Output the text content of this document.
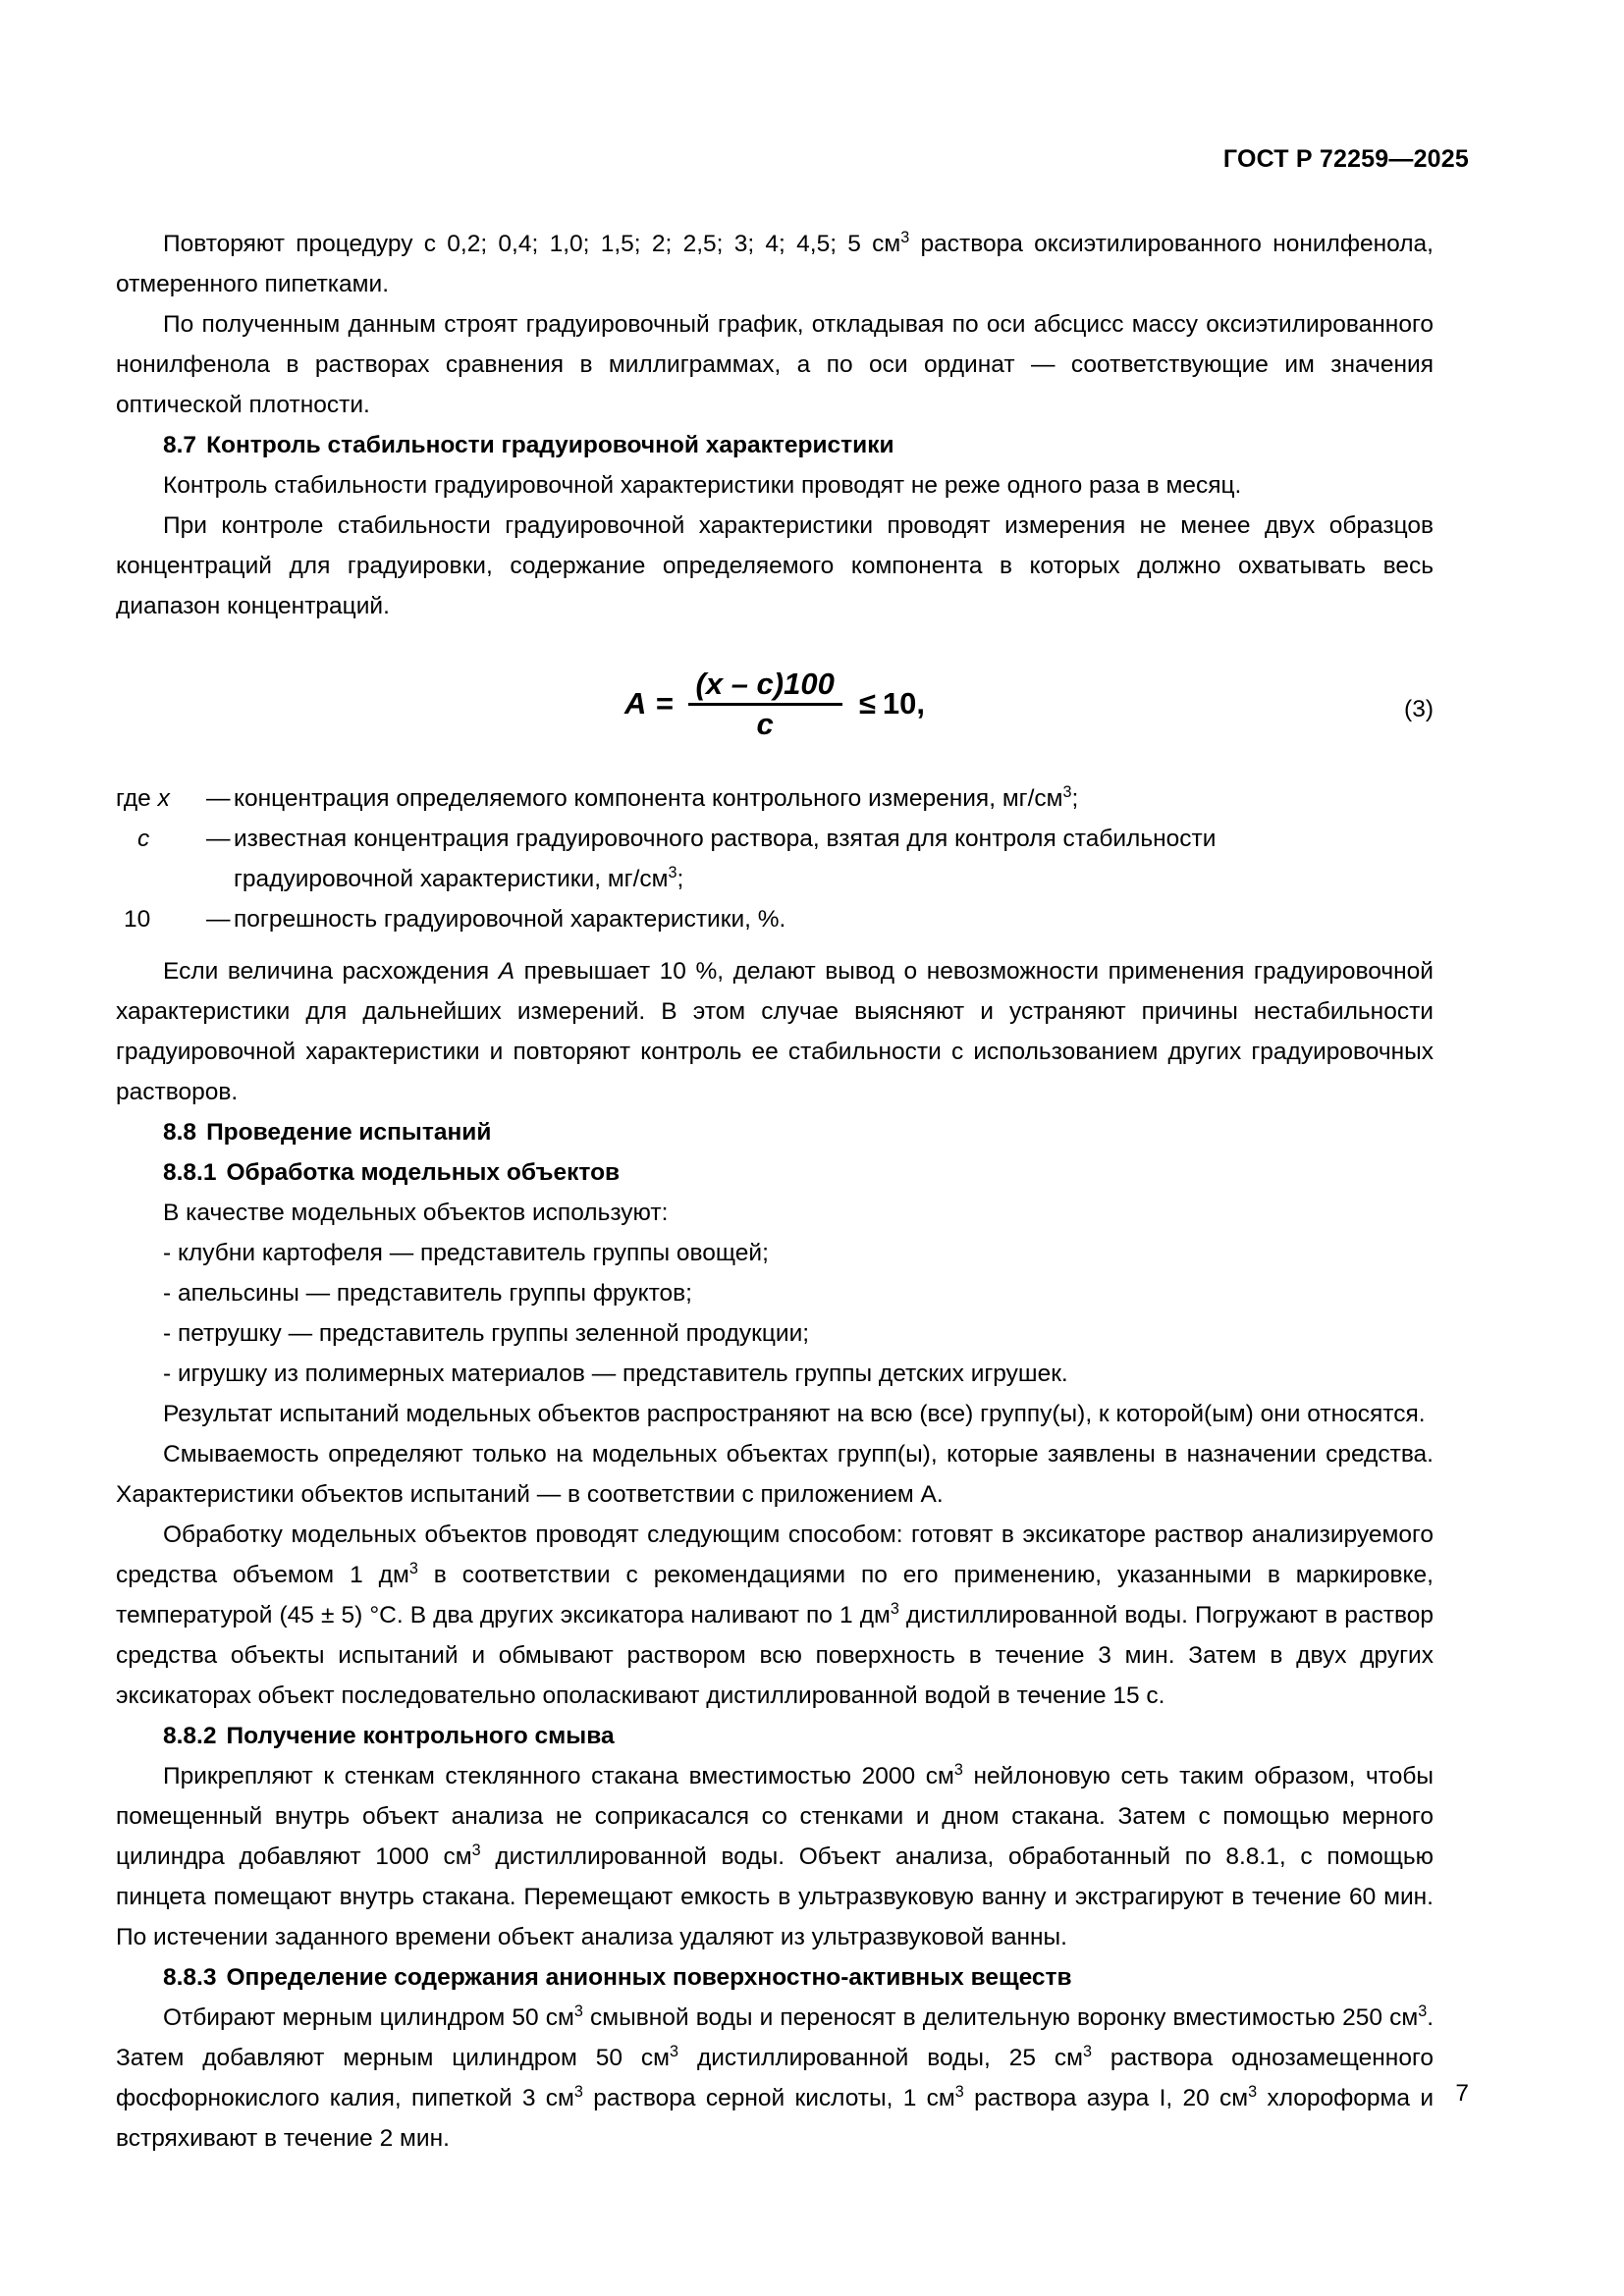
ГОСТ Р 72259—2025

Повторяют процедуру с 0,2; 0,4; 1,0; 1,5; 2; 2,5; 3; 4; 4,5; 5 $см^3$ раствора оксиэтилированного нонилфенола, отмеренного пипетками.

По полученным данным строят градуировочный график, откладывая по оси абсцисс массу оксиэтилированного нонилфенола в растворах сравнения в миллиграммах, а по оси ординат — соответствующие им значения оптической плотности.

8.7 Контроль стабильности градуировочной характеристики

Контроль стабильности градуировочной характеристики проводят не реже одного раза в месяц.

При контроле стабильности градуировочной характеристики проводят измерения не менее двух образцов концентраций для градуировки, содержание определяемого компонента в которых должно охватывать весь диапазон концентраций.

$A = \frac{(x - c)100}{c} \le 10$,	(3)
где x	— концентрация определяемого компонента контрольного измерения, $мг/см^3$;
c	— известная концентрация градуировочного раствора, взятая для контроля стабильности
градуировочной характеристики, $мг/см^3$;
10	— погрешность градуировочной характеристики, %.

Если величина расхождения A превышает 10 %, делают вывод о невозможности применения градуировочной характеристики для дальнейших измерений. В этом случае выясняют и устраняют причины нестабильности градуировочной характеристики и повторяют контроль ее стабильности с использованием других градуировочных растворов.

8.8 Проведение испытаний
8.8.1 Обработка модельных объектов

В качестве модельных объектов используют:

- клубни картофеля — представитель группы овощей;
- апельсины — представитель группы фруктов;
- петрушку — представитель группы зеленной продукции;
- игрушку из полимерных материалов — представитель группы детских игрушек.

Результат испытаний модельных объектов распространяют на всю (все) группу(ы), к которой(ым) они относятся.

Смываемость определяют только на модельных объектах групп(ы), которые заявлены в назначении средства. Характеристики объектов испытаний — в соответствии с приложением А.

Обработку модельных объектов проводят следующим способом: готовят в эксикаторе раствор анализируемого средства объемом 1 $дм^3$ в соответствии с рекомендациями по его применению, указанными в маркировке, температурой (45 ± 5) °С. В два других эксикатора наливают по 1 $дм^3$ дистиллированной воды. Погружают в раствор средства объекты испытаний и обмывают раствором всю поверхность в течение 3 мин. Затем в двух других эксикаторах объект последовательно ополаскивают дистиллированной водой в течение 15 с.

8.8.2 Получение контрольного смыва

Прикрепляют к стенкам стеклянного стакана вместимостью 2000 $см^3$ нейлоновую сеть таким образом, чтобы помещенный внутрь объект анализа не соприкасался со стенками и дном стакана. Затем с помощью мерного цилиндра добавляют 1000 $см^3$ дистиллированной воды. Объект анализа, обработанный по 8.8.1, с помощью пинцета помещают внутрь стакана. Перемещают емкость в ультразвуковую ванну и экстрагируют в течение 60 мин. По истечении заданного времени объект анализа удаляют из ультразвуковой ванны.

8.8.3 Определение содержания анионных поверхностно-активных веществ

Отбирают мерным цилиндром 50 $см^3$ смывной воды и переносят в делительную воронку вместимостью 250 $см^3$. Затем добавляют мерным цилиндром 50 $см^3$ дистиллированной воды, 25 $см^3$ раствора однозамещенного фосфорнокислого калия, пипеткой 3 $см^3$ раствора серной кислоты, 1 $см^3$ раствора азура I, 20 $см^3$ хлороформа и встряхивают в течение 2 мин.

7
